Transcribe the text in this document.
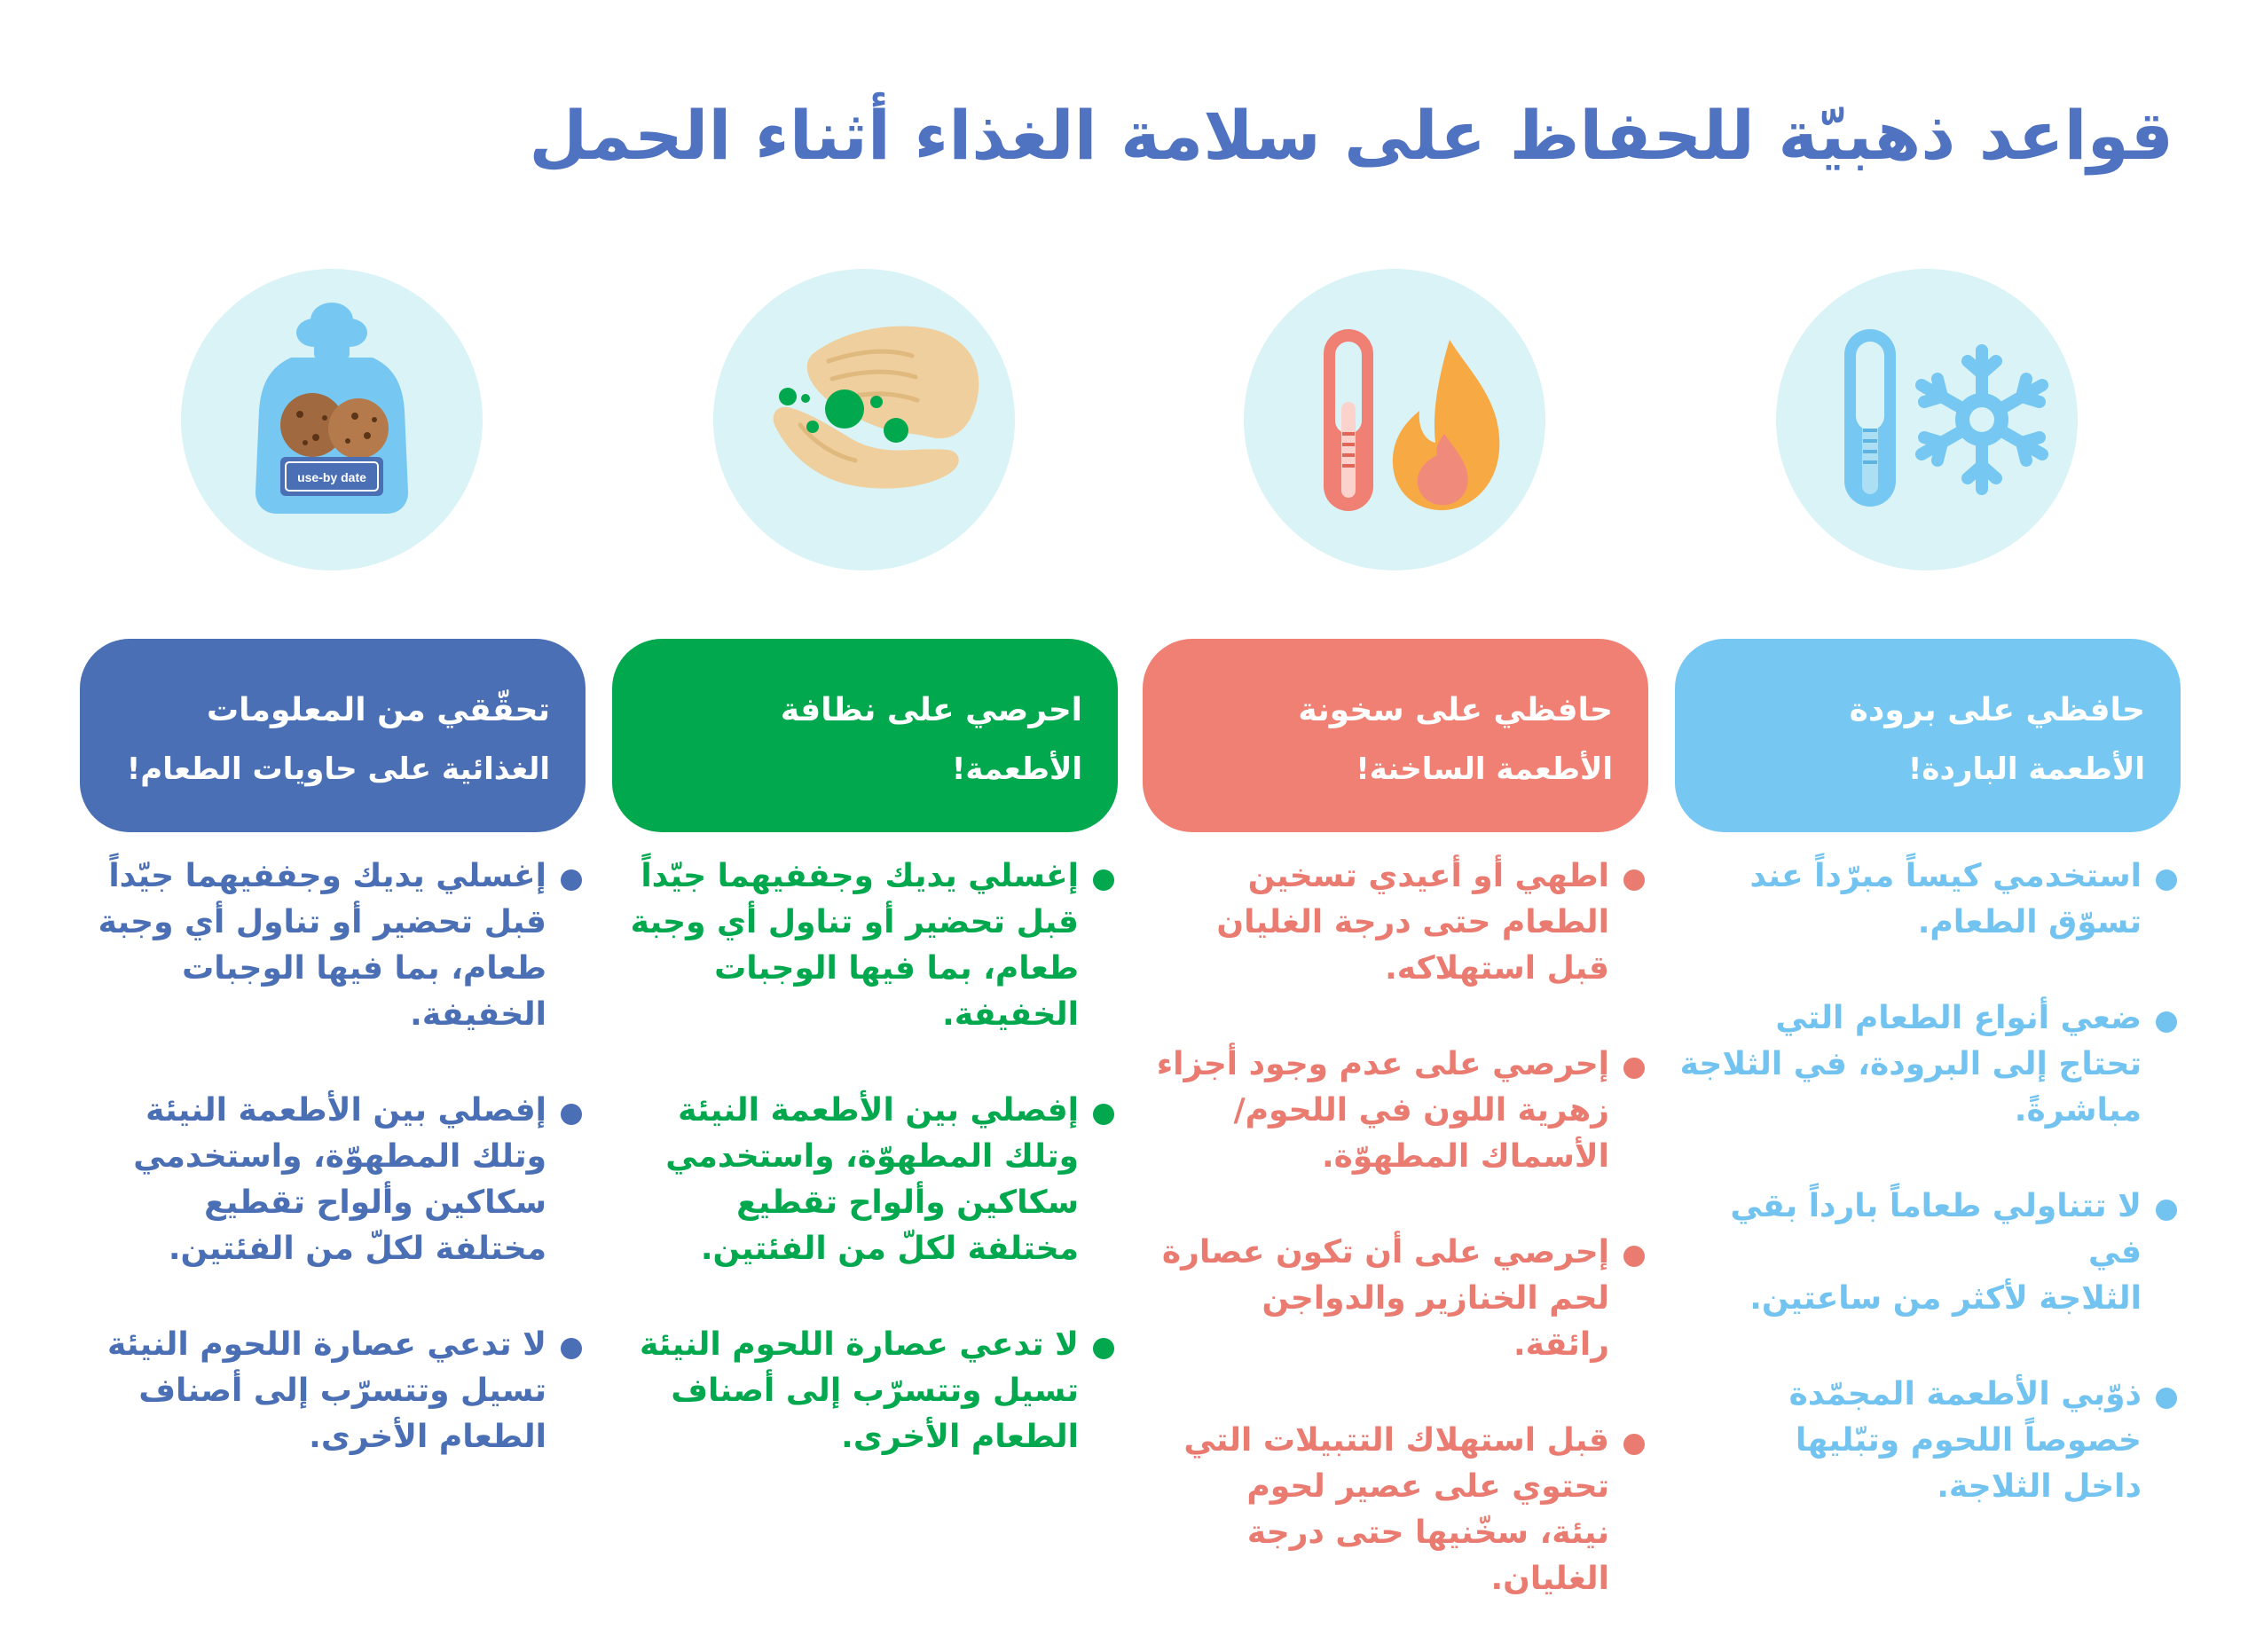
قواعد ذهبيّة للحفاظ على سلامة الغذاء أثناء الحمل
حافظي على برودة
الأطعمة الباردة!
استخدمي كيساً مبرّداً عند
تسوّق الطعام.
ضعي أنواع الطعام التي
تحتاج إلى البرودة، في الثلاجة
مباشرةً.
لا تتناولي طعاماً بارداً بقي في
الثلاجة لأكثر من ساعتين.
ذوّبي الأطعمة المجمّدة
خصوصاً اللحوم وتبّليها
داخل الثلاجة.
حافظي على سخونة
الأطعمة الساخنة!
اطهي أو أعيدي تسخين
الطعام حتى درجة الغليان
قبل استهلاكه.
إحرصي على عدم وجود أجزاء
زهرية اللون في اللحوم/
الأسماك المطهوّة.
إحرصي على أن تكون عصارة
لحم الخنازير والدواجن
رائقة.
قبل استهلاك التتبيلات التي
تحتوي على عصير لحوم
نيئة، سخّنيها حتى درجة
الغليان.
احرصي على نظافة
الأطعمة!
إغسلي يديك وجففيهما جيّداً
قبل تحضير أو تناول أي وجبة
طعام، بما فيها الوجبات
الخفيفة.
إفصلي بين الأطعمة النيئة
وتلك المطهوّة، واستخدمي
سكاكين وألواح تقطيع
مختلفة لكلّ من الفئتين.
لا تدعي عصارة اللحوم النيئة
تسيل وتتسرّب إلى أصناف
الطعام الأخرى.
use-by date
تحقّقي من المعلومات
الغذائية على حاويات الطعام!
إغسلي يديك وجففيهما جيّداً
قبل تحضير أو تناول أي وجبة
طعام، بما فيها الوجبات
الخفيفة.
إفصلي بين الأطعمة النيئة
وتلك المطهوّة، واستخدمي
سكاكين وألواح تقطيع
مختلفة لكلّ من الفئتين.
لا تدعي عصارة اللحوم النيئة
تسيل وتتسرّب إلى أصناف
الطعام الأخرى.
